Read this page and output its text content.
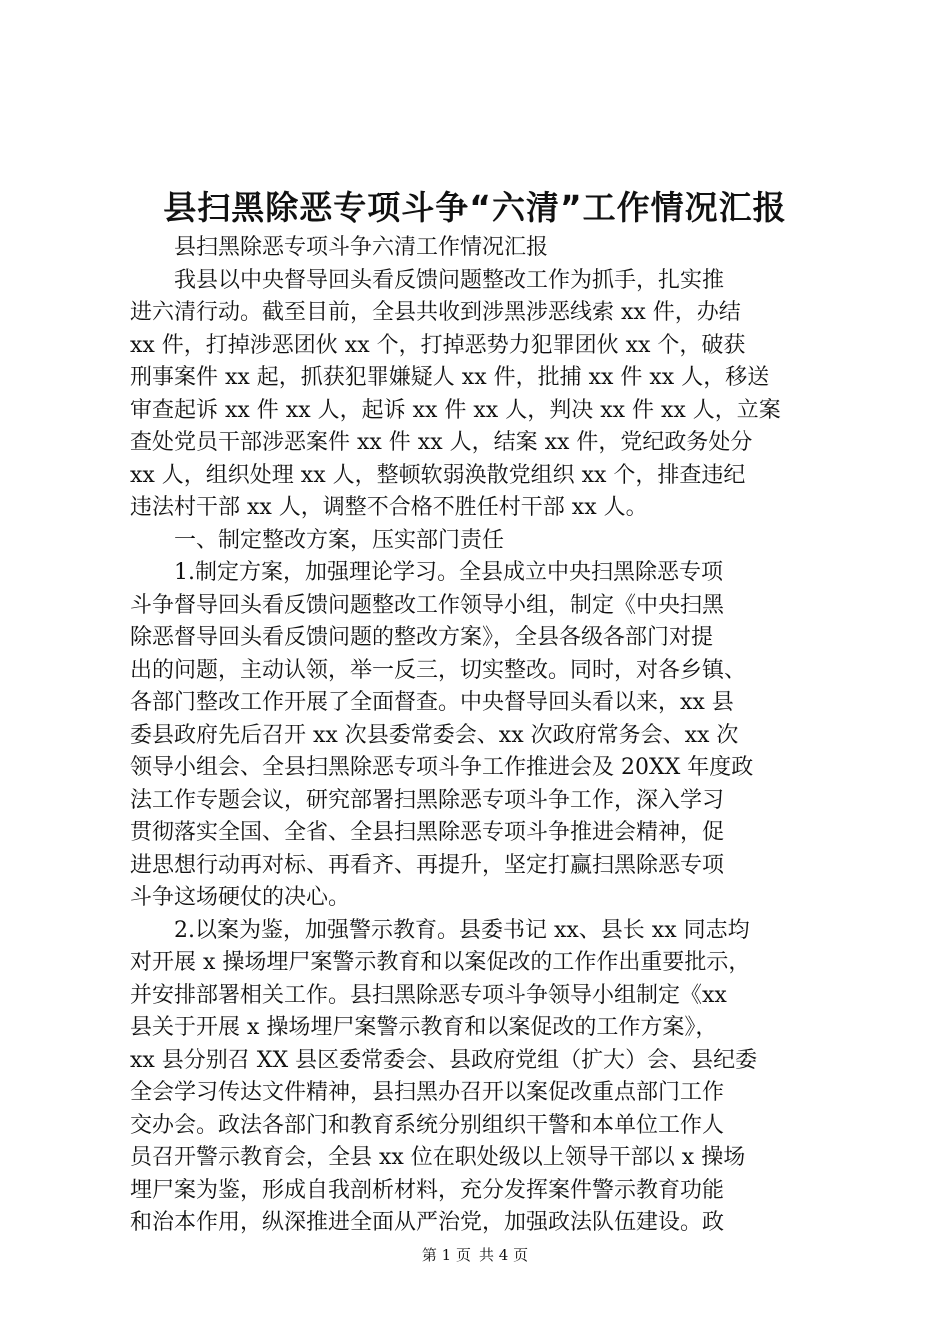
县扫黑除恶专项斗争“六清”工作情况汇报
县扫黑除恶专项斗争六清工作情况汇报
我县以中央督导回头看反馈问题整改工作为抓手，扎实推
进六清行动。截至目前，全县共收到涉黑涉恶线索 xx 件，办结
xx 件，打掉涉恶团伙 xx 个，打掉恶势力犯罪团伙 xx 个，破获
刑事案件 xx 起，抓获犯罪嫌疑人 xx 件，批捕 xx 件 xx 人，移送
审查起诉 xx 件 xx 人，起诉 xx 件 xx 人，判决 xx 件 xx 人，立案
查处党员干部涉恶案件 xx 件 xx 人，结案 xx 件，党纪政务处分
xx 人，组织处理 xx 人，整顿软弱涣散党组织 xx 个，排查违纪
违法村干部 xx 人，调整不合格不胜任村干部 xx 人。
一、制定整改方案，压实部门责任
1.制定方案，加强理论学习。全县成立中央扫黑除恶专项
斗争督导回头看反馈问题整改工作领导小组，制定《中央扫黑
除恶督导回头看反馈问题的整改方案》，全县各级各部门对提
出的问题，主动认领，举一反三，切实整改。同时，对各乡镇、
各部门整改工作开展了全面督查。中央督导回头看以来，xx 县
委县政府先后召开 xx 次县委常委会、xx 次政府常务会、xx 次
领导小组会、全县扫黑除恶专项斗争工作推进会及 20XX 年度政
法工作专题会议，研究部署扫黑除恶专项斗争工作，深入学习
贯彻落实全国、全省、全县扫黑除恶专项斗争推进会精神，促
进思想行动再对标、再看齐、再提升，坚定打赢扫黑除恶专项
斗争这场硬仗的决心。
2.以案为鉴，加强警示教育。县委书记 xx、县长 xx 同志均
对开展 x 操场埋尸案警示教育和以案促改的工作作出重要批示，
并安排部署相关工作。县扫黑除恶专项斗争领导小组制定《xx
县关于开展 x 操场埋尸案警示教育和以案促改的工作方案》，
xx 县分别召 XX 县区委常委会、县政府党组（扩大）会、县纪委
全会学习传达文件精神，县扫黑办召开以案促改重点部门工作
交办会。政法各部门和教育系统分别组织干警和本单位工作人
员召开警示教育会，全县 xx 位在职处级以上领导干部以 x 操场
埋尸案为鉴，形成自我剖析材料，充分发挥案件警示教育功能
和治本作用，纵深推进全面从严治党，加强政法队伍建设。政
第 1 页 共 4 页
